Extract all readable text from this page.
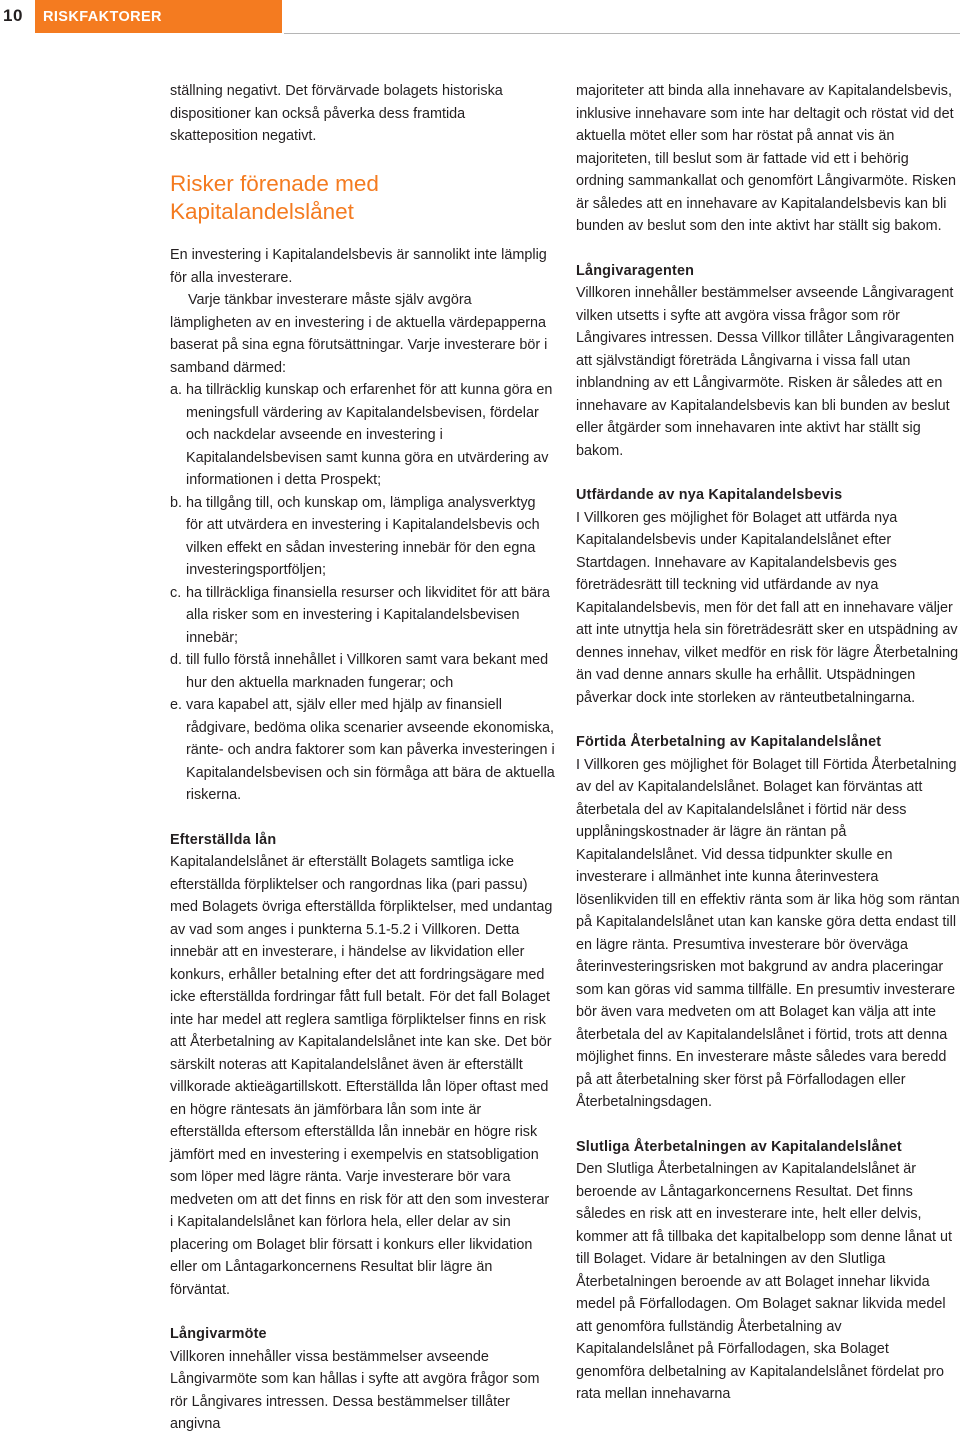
10 RISKFAKTORER

ställning negativt. Det förvärvade bolagets historiska dispositioner kan också påverka dess framtida skatteposition negativt.

Risker förenade med Kapitalandelslånet

En investering i Kapitalandelsbevis är sannolikt inte lämplig för alla investerare.

Varje tänkbar investerare måste själv avgöra lämpligheten av en investering i de aktuella värdepapperna baserat på sina egna förutsättningar. Varje investerare bör i samband därmed:

a. ha tillräcklig kunskap och erfarenhet för att kunna göra en meningsfull värdering av Kapitalandelsbevisen, fördelar och nackdelar avseende en investering i Kapitalandelsbevisen samt kunna göra en utvärdering av informationen i detta Prospekt;
b. ha tillgång till, och kunskap om, lämpliga analysverktyg för att utvärdera en investering i Kapitalandelsbevis och vilken effekt en sådan investering innebär för den egna investeringsportföljen;
c. ha tillräckliga finansiella resurser och likviditet för att bära alla risker som en investering i Kapitalandelsbevisen innebär;
d. till fullo förstå innehållet i Villkoren samt vara bekant med hur den aktuella marknaden fungerar; och
e. vara kapabel att, själv eller med hjälp av finansiell rådgivare, bedöma olika scenarier avseende ekonomiska, ränte- och andra faktorer som kan påverka investeringen i Kapitalandelsbevisen och sin förmåga att bära de aktuella riskerna.
Efterställda lån

Kapitalandelslånet är efterställt Bolagets samtliga icke efterställda förpliktelser och rangordnas lika (pari passu) med Bolagets övriga efterställda förpliktelser, med undantag av vad som anges i punkterna 5.1-5.2 i Villkoren. Detta innebär att en investerare, i händelse av likvidation eller konkurs, erhåller betalning efter det att fordringsägare med icke efterställda fordringar fått full betalt. För det fall Bolaget inte har medel att reglera samtliga förpliktelser finns en risk att Återbetalning av Kapitalandelslånet inte kan ske. Det bör särskilt noteras att Kapitalandelslånet även är efterställt villkorade aktieägartillskott. Efterställda lån löper oftast med en högre räntesats än jämförbara lån som inte är efterställda eftersom efterställda lån innebär en högre risk jämfört med en investering i exempelvis en statsobligation som löper med lägre ränta. Varje investerare bör vara medveten om att det finns en risk för att den som investerar i Kapitalandelslånet kan förlora hela, eller delar av sin placering om Bolaget blir försatt i konkurs eller likvidation eller om Låntagarkoncernens Resultat blir lägre än förväntat.

Långivarmöte

Villkoren innehåller vissa bestämmelser avseende Långivarmöte som kan hållas i syfte att avgöra frågor som rör Långivares intressen. Dessa bestämmelser tillåter angivna

majoriteter att binda alla innehavare av Kapitalandelsbevis, inklusive innehavare som inte har deltagit och röstat vid det aktuella mötet eller som har röstat på annat vis än majoriteten, till beslut som är fattade vid ett i behörig ordning sammankallat och genomfört Långivarmöte. Risken är således att en innehavare av Kapitalandelsbevis kan bli bunden av beslut som den inte aktivt har ställt sig bakom.

Långivaragenten

Villkoren innehåller bestämmelser avseende Långivaragent vilken utsetts i syfte att avgöra vissa frågor som rör Långivares intressen. Dessa Villkor tillåter Långivaragenten att självständigt företräda Långivarna i vissa fall utan inblandning av ett Långivarmöte. Risken är således att en innehavare av Kapitalandelsbevis kan bli bunden av beslut eller åtgärder som innehavaren inte aktivt har ställt sig bakom.

Utfärdande av nya Kapitalandelsbevis

I Villkoren ges möjlighet för Bolaget att utfärda nya Kapitalandelsbevis under Kapitalandelslånet efter Startdagen. Innehavare av Kapitalandelsbevis ges företrädesrätt till teckning vid utfärdande av nya Kapitalandelsbevis, men för det fall att en innehavare väljer att inte utnyttja hela sin företrädesrätt sker en utspädning av dennes innehav, vilket medför en risk för lägre Återbetalning än vad denne annars skulle ha erhållit. Utspädningen påverkar dock inte storleken av ränteutbetalningarna.

Förtida Återbetalning av Kapitalandelslånet

I Villkoren ges möjlighet för Bolaget till Förtida Återbetalning av del av Kapitalandelslånet. Bolaget kan förväntas att återbetala del av Kapitalandelslånet i förtid när dess upplåningskostnader är lägre än räntan på Kapitalandelslånet. Vid dessa tidpunkter skulle en investerare i allmänhet inte kunna återinvestera lösenlikviden till en effektiv ränta som är lika hög som räntan på Kapitalandelslånet utan kan kanske göra detta endast till en lägre ränta. Presumtiva investerare bör överväga återinvesteringsrisken mot bakgrund av andra placeringar som kan göras vid samma tillfälle. En presumtiv investerare bör även vara medveten om att Bolaget kan välja att inte återbetala del av Kapitalandelslånet i förtid, trots att denna möjlighet finns. En investerare måste således vara beredd på att återbetalning sker först på Förfallodagen eller Återbetalningsdagen.

Slutliga Återbetalningen av Kapitalandelslånet

Den Slutliga Återbetalningen av Kapitalandelslånet är beroende av Låntagarkoncernens Resultat. Det finns således en risk att en investerare inte, helt eller delvis, kommer att få tillbaka det kapitalbelopp som denne lånat ut till Bolaget. Vidare är betalningen av den Slutliga Återbetalningen beroende av att Bolaget innehar likvida medel på Förfallodagen. Om Bolaget saknar likvida medel att genomföra fullständig Återbetalning av Kapitalandelslånet på Förfallodagen, ska Bolaget genomföra delbetalning av Kapitalandelslånet fördelat pro rata mellan innehavarna
